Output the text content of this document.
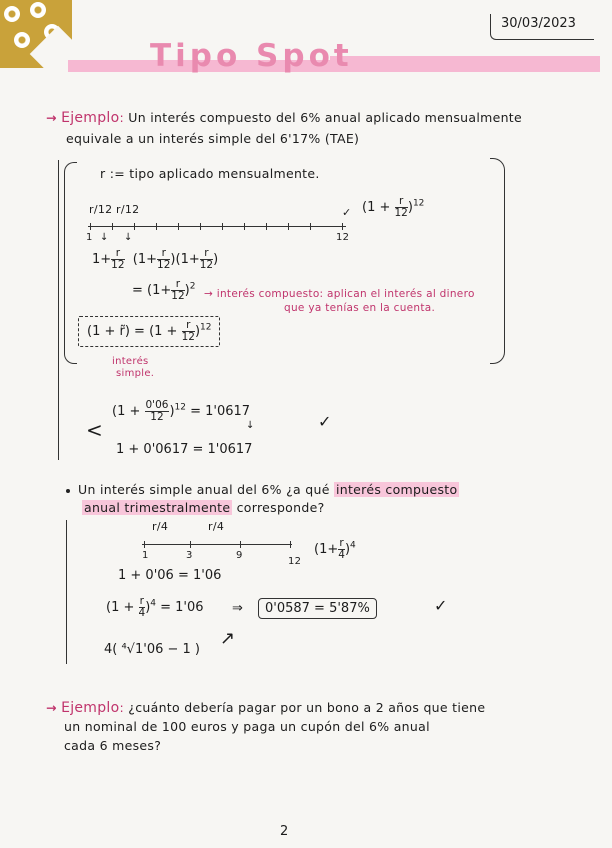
30/03/2023
Tipo Spot
→ Ejemplo: Un interés compuesto del 6% anual aplicado mensualmente
equivale a un interés simple del 6'17% (TAE)
r := tipo aplicado mensualmente.
r/12 r/12
1	12
↓ ↓
✓ $(1 + \frac{r}{12} )^{12}$
$1+ \frac{r}{12} (1+ \frac{r}{12} )(1+ \frac{r}{12}$ )
= $(1+ \frac{r}{12} )^2$
→ interés compuesto: aplican el interés al dinero
que ya tenías en la cuenta.
(1 + r̃) = $(1 + \frac{r}{12} )^{12}$
interés
simple.
<
$(1 + \frac{0'06}{12} )^{12} = 1'0617$
↓	✓
1 + 0'0617 = 1'0617
Un interés simple anual del 6% ¿a qué interés compuesto
anual trimestralmente corresponde?
r/4	r/4
1	3	9
12
$(1+ \frac{r}{4} )^4$
1 + 0'06 = 1'06
$(1 + \frac{r}{4} )^4 = 1'06$ ⇒	0'0587 = 5'87%	✓
4( ⁴√1'06 − 1 )
↗
→ Ejemplo: ¿cuánto debería pagar por un bono a 2 años que tiene
un nominal de 100 euros y paga un cupón del 6% anual
cada 6 meses?
2
